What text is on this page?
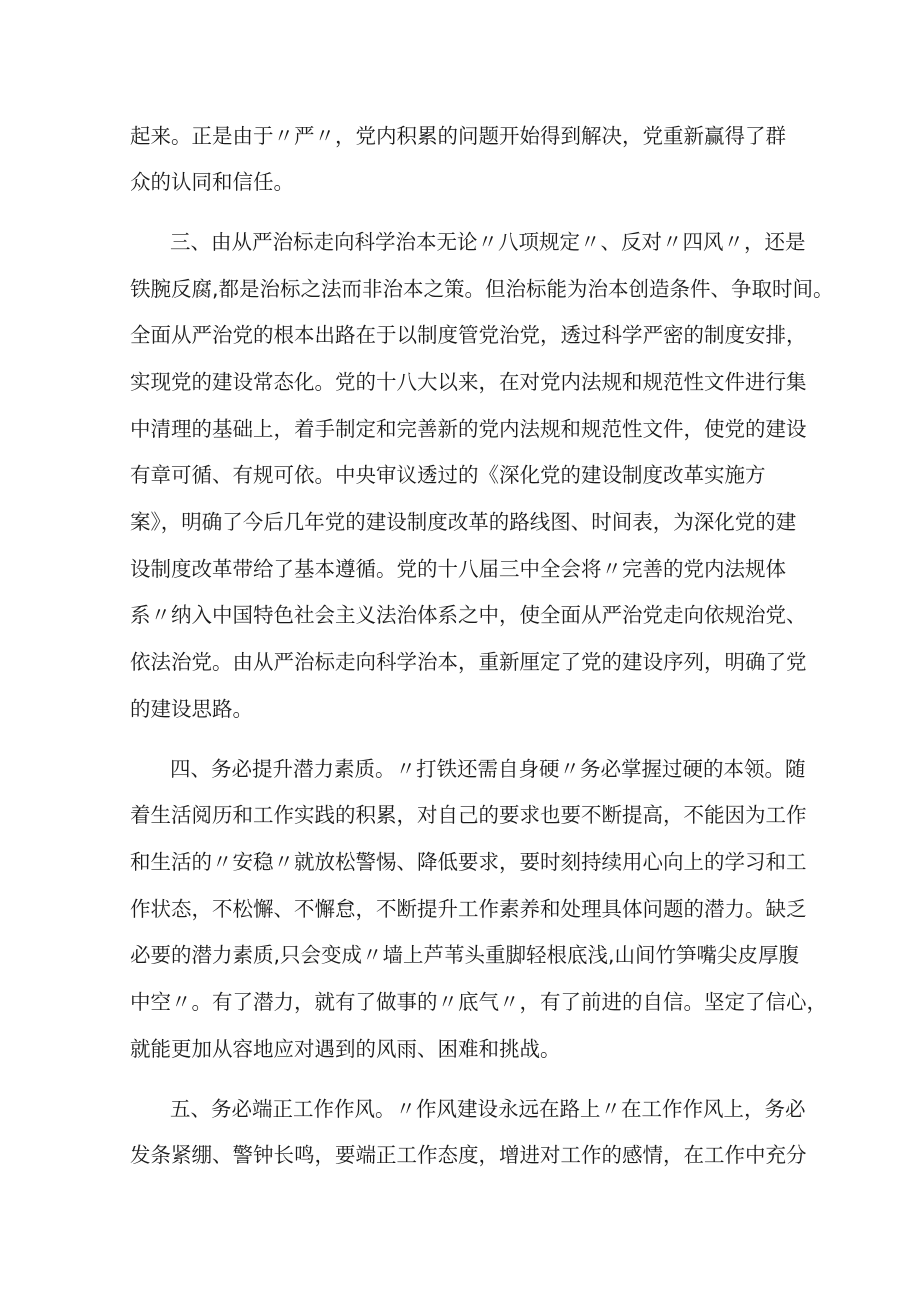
起来。正是由于〃严〃，党内积累的问题开始得到解决，党重新赢得了群
众的认同和信任。
三、由从严治标走向科学治本无论〃八项规定〃、反对〃四风〃，还是
铁腕反腐,都是治标之法而非治本之策。但治标能为治本创造条件、争取时间。
全面从严治党的根本出路在于以制度管党治党，透过科学严密的制度安排，
实现党的建设常态化。党的十八大以来，在对党内法规和规范性文件进行集
中清理的基础上，着手制定和完善新的党内法规和规范性文件，使党的建设
有章可循、有规可依。中央审议透过的《深化党的建设制度改革实施方
案》，明确了今后几年党的建设制度改革的路线图、时间表，为深化党的建
设制度改革带给了基本遵循。党的十八届三中全会将〃完善的党内法规体
系〃纳入中国特色社会主义法治体系之中，使全面从严治党走向依规治党、
依法治党。由从严治标走向科学治本，重新厘定了党的建设序列，明确了党
的建设思路。
四、务必提升潜力素质。〃打铁还需自身硬〃务必掌握过硬的本领。随
着生活阅历和工作实践的积累，对自己的要求也要不断提高，不能因为工作
和生活的〃安稳〃就放松警惕、降低要求，要时刻持续用心向上的学习和工
作状态，不松懈、不懈怠，不断提升工作素养和处理具体问题的潜力。缺乏
必要的潜力素质,只会变成〃墙上芦苇头重脚轻根底浅,山间竹笋嘴尖皮厚腹
中空〃。有了潜力，就有了做事的〃底气〃，有了前进的自信。坚定了信心，
就能更加从容地应对遇到的风雨、困难和挑战。
五、务必端正工作作风。〃作风建设永远在路上〃在工作作风上，务必
发条紧绷、警钟长鸣，要端正工作态度，增进对工作的感情，在工作中充分
